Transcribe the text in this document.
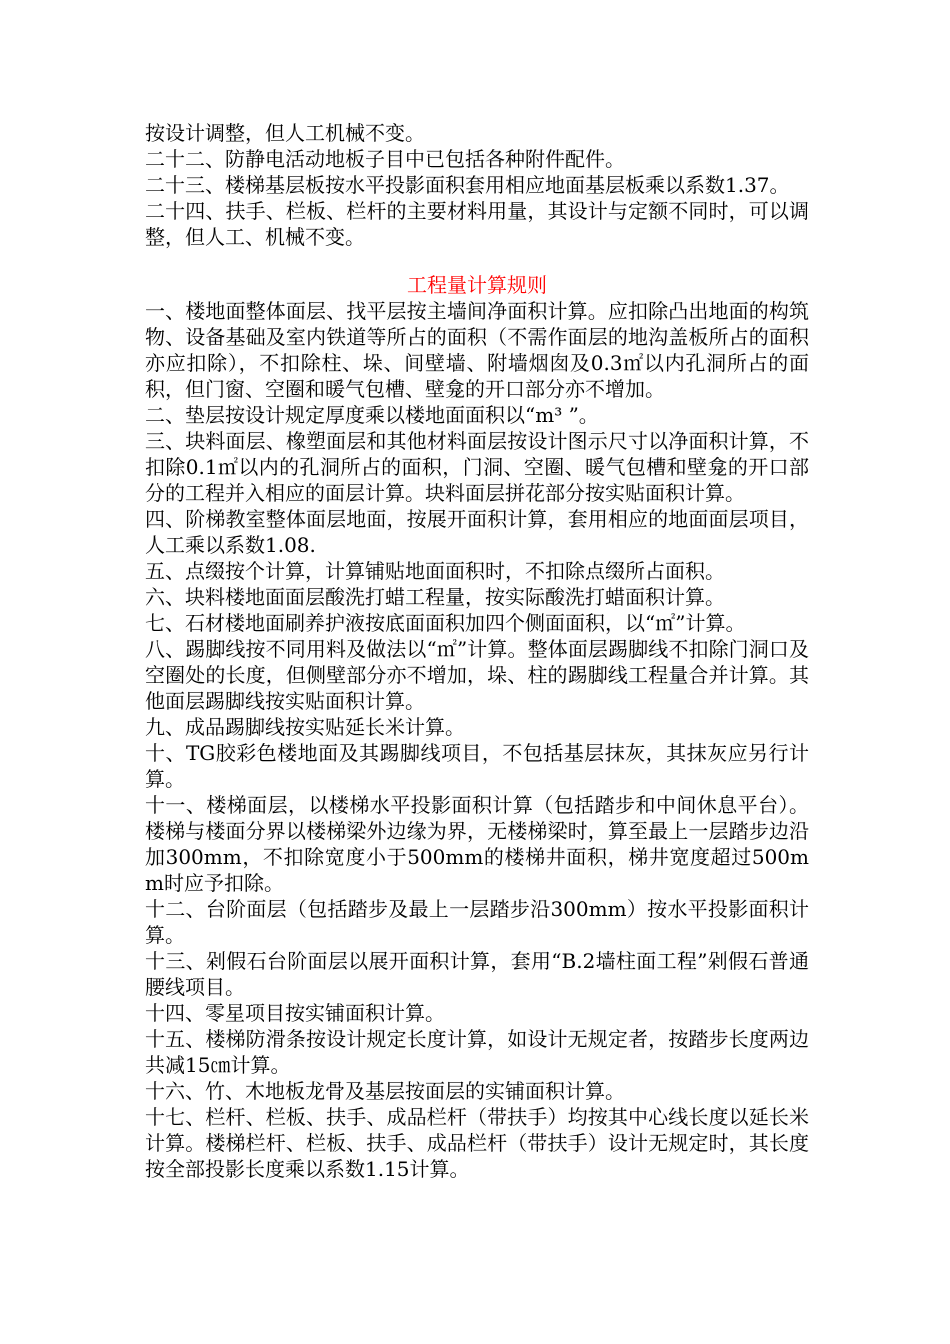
按设计调整，但人工机械不变。

二十二、防静电活动地板子目中已包括各种附件配件。

二十三、楼梯基层板按水平投影面积套用相应地面基层板乘以系数1.37。

二十四、扶手、栏板、栏杆的主要材料用量，其设计与定额不同时，可以调整，但人工、机械不变。

工程量计算规则

一、楼地面整体面层、找平层按主墙间净面积计算。应扣除凸出地面的构筑物、设备基础及室内铁道等所占的面积（不需作面层的地沟盖板所占的面积亦应扣除），不扣除柱、垛、间壁墙、附墙烟囱及0.3㎡以内孔洞所占的面积，但门窗、空圈和暖气包槽、壁龛的开口部分亦不增加。

二、垫层按设计规定厚度乘以楼地面面积以“m³ ”。

三、块料面层、橡塑面层和其他材料面层按设计图示尺寸以净面积计算，不扣除0.1㎡以内的孔洞所占的面积，门洞、空圈、暖气包槽和壁龛的开口部分的工程并入相应的面层计算。块料面层拼花部分按实贴面积计算。

四、阶梯教室整体面层地面，按展开面积计算，套用相应的地面面层项目，人工乘以系数1.08.

五、点缀按个计算，计算铺贴地面面积时，不扣除点缀所占面积。

六、块料楼地面面层酸洗打蜡工程量，按实际酸洗打蜡面积计算。

七、石材楼地面刷养护液按底面面积加四个侧面面积，以“㎡”计算。

八、踢脚线按不同用料及做法以“㎡”计算。整体面层踢脚线不扣除门洞口及空圈处的长度，但侧壁部分亦不增加，垛、柱的踢脚线工程量合并计算。其他面层踢脚线按实贴面积计算。

九、成品踢脚线按实贴延长米计算。

十、TG胶彩色楼地面及其踢脚线项目，不包括基层抹灰，其抹灰应另行计算。

十一、楼梯面层，以楼梯水平投影面积计算（包括踏步和中间休息平台）。楼梯与楼面分界以楼梯梁外边缘为界，无楼梯梁时，算至最上一层踏步边沿加300mm，不扣除宽度小于500mm的楼梯井面积，梯井宽度超过500mm时应予扣除。

十二、台阶面层（包括踏步及最上一层踏步沿300mm）按水平投影面积计算。

十三、剁假石台阶面层以展开面积计算，套用“B.2墙柱面工程”剁假石普通腰线项目。

十四、零星项目按实铺面积计算。

十五、楼梯防滑条按设计规定长度计算，如设计无规定者，按踏步长度两边共减15㎝计算。

十六、竹、木地板龙骨及基层按面层的实铺面积计算。

十七、栏杆、栏板、扶手、成品栏杆（带扶手）均按其中心线长度以延长米计算。楼梯栏杆、栏板、扶手、成品栏杆（带扶手）设计无规定时，其长度按全部投影长度乘以系数1.15计算。
